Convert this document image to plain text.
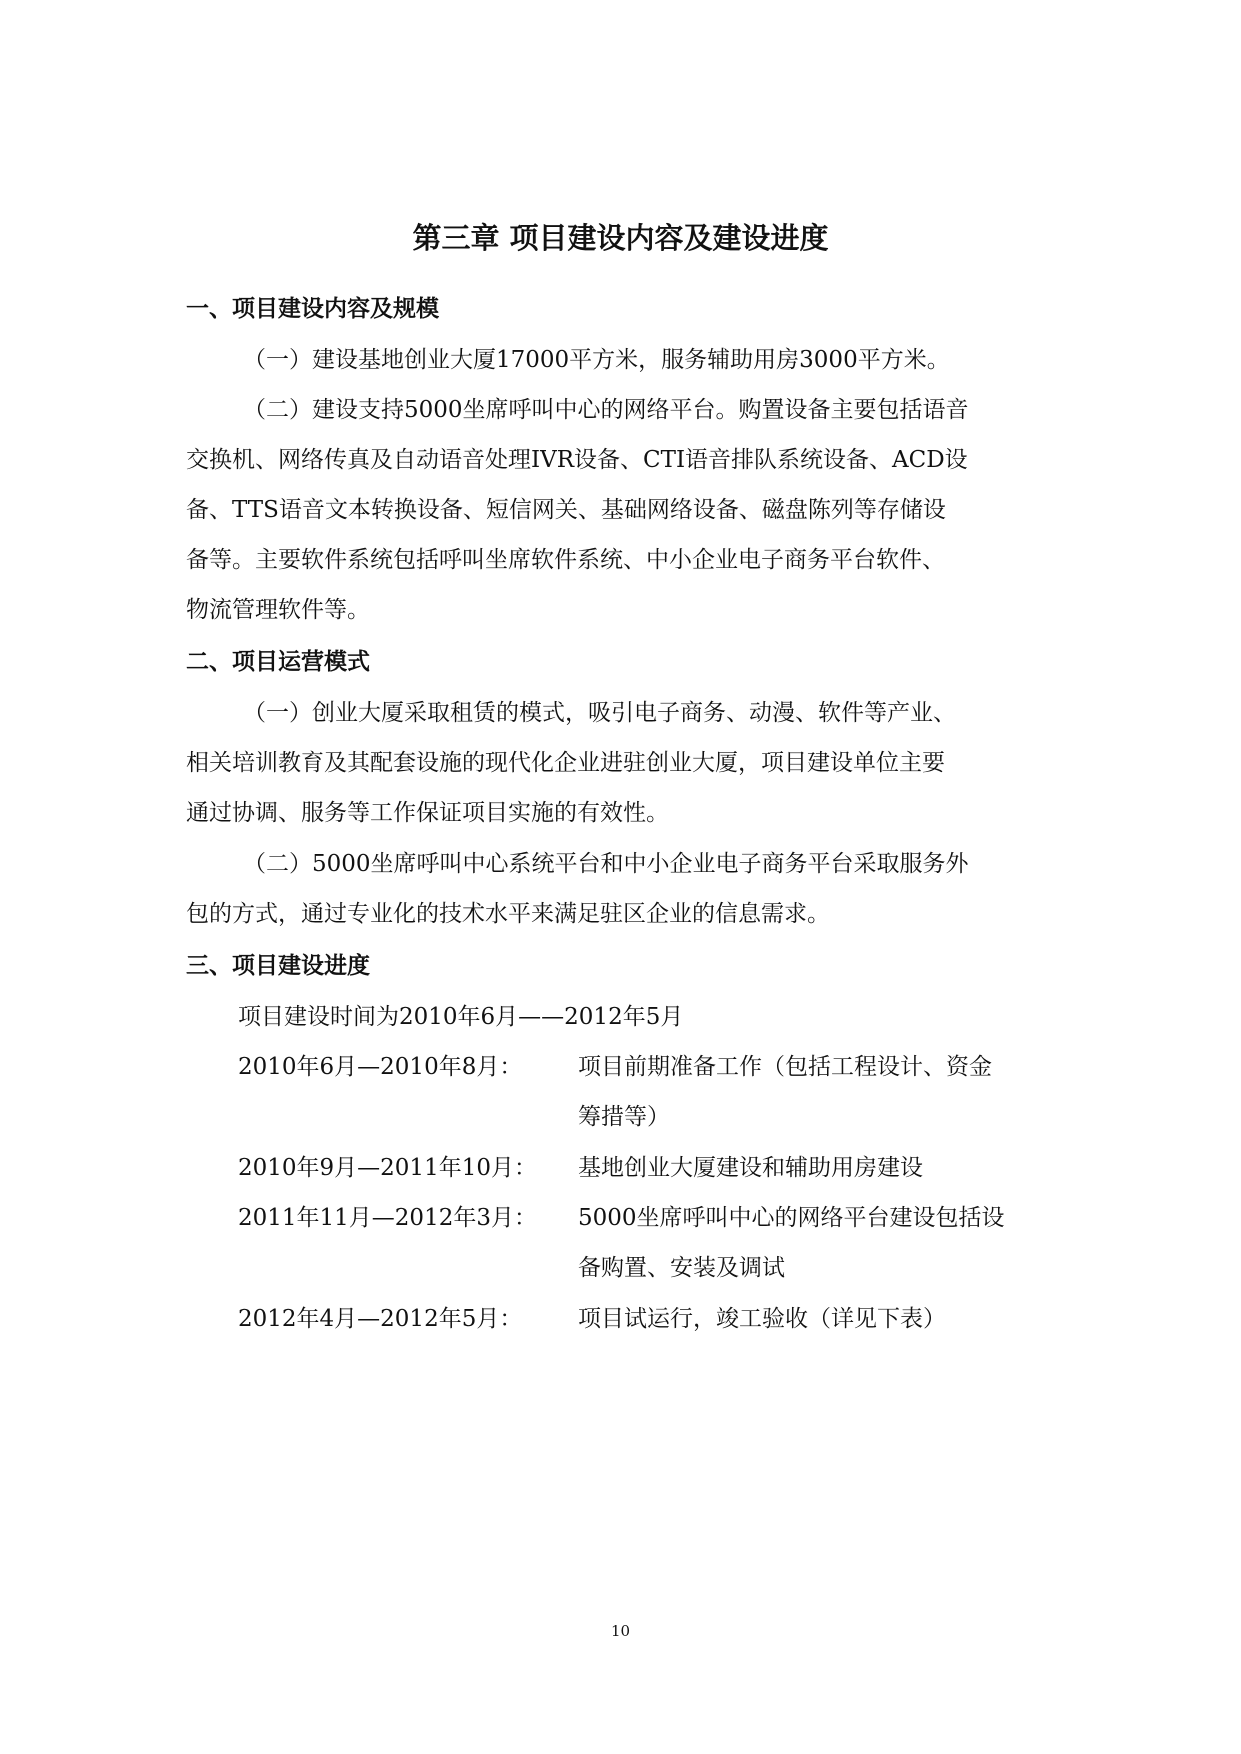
第三章 项目建设内容及建设进度
一、项目建设内容及规模

（一）建设基地创业大厦17000平方米，服务辅助用房3000平方米。

（二）建设支持5000坐席呼叫中心的网络平台。购置设备主要包括语音

交换机、网络传真及自动语音处理IVR设备、CTI语音排队系统设备、ACD设

备、TTS语音文本转换设备、短信网关、基础网络设备、磁盘陈列等存储设

备等。主要软件系统包括呼叫坐席软件系统、中小企业电子商务平台软件、

物流管理软件等。

二、项目运营模式

（一）创业大厦采取租赁的模式，吸引电子商务、动漫、软件等产业、

相关培训教育及其配套设施的现代化企业进驻创业大厦，项目建设单位主要

通过协调、服务等工作保证项目实施的有效性。

（二）5000坐席呼叫中心系统平台和中小企业电子商务平台采取服务外

包的方式，通过专业化的技术水平来满足驻区企业的信息需求。

三、项目建设进度

项目建设时间为2010年6月——2012年5月

2010年6月—2010年8月： 项目前期准备工作（包括工程设计、资金
筹措等）
2010年9月—2011年10月： 基地创业大厦建设和辅助用房建设
2011年11月—2012年3月： 5000坐席呼叫中心的网络平台建设包括设
备购置、安装及调试
2012年4月—2012年5月： 项目试运行，竣工验收（详见下表）
10
